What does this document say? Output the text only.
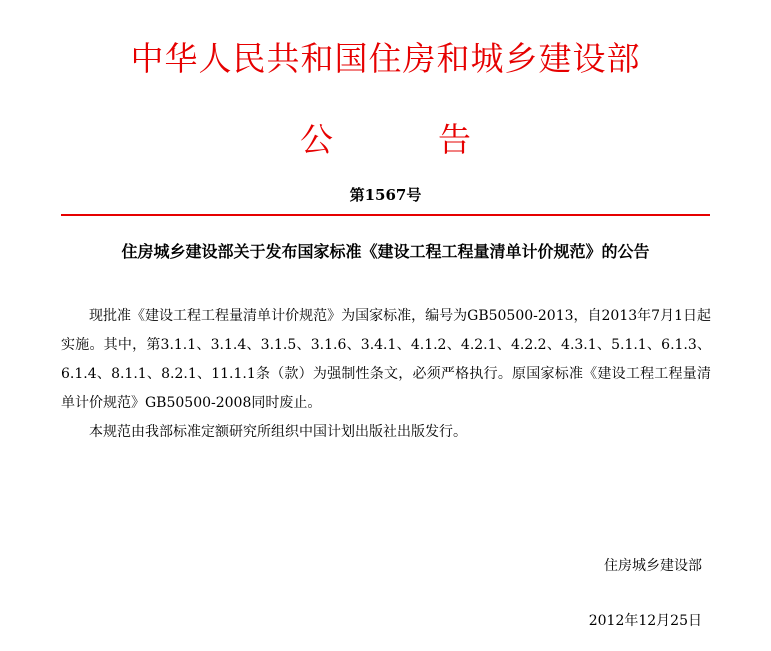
中华人民共和国住房和城乡建设部
公	告
第1567号
住房城乡建设部关于发布国家标准《建设工程工程量清单计价规范》的公告

现批准《建设工程工程量清单计价规范》为国家标准，编号为GB50500-2013，自2013年7月1日起实施。其中，第3.1.1、3.1.4、3.1.5、3.1.6、3.4.1、4.1.2、4.2.1、4.2.2、4.3.1、5.1.1、6.1.3、6.1.4、8.1.1、8.2.1、11.1.1条（款）为强制性条文，必须严格执行。原国家标准《建设工程工程量清单计价规范》GB50500-2008同时废止。

本规范由我部标准定额研究所组织中国计划出版社出版发行。

住房城乡建设部
2012年12月25日
